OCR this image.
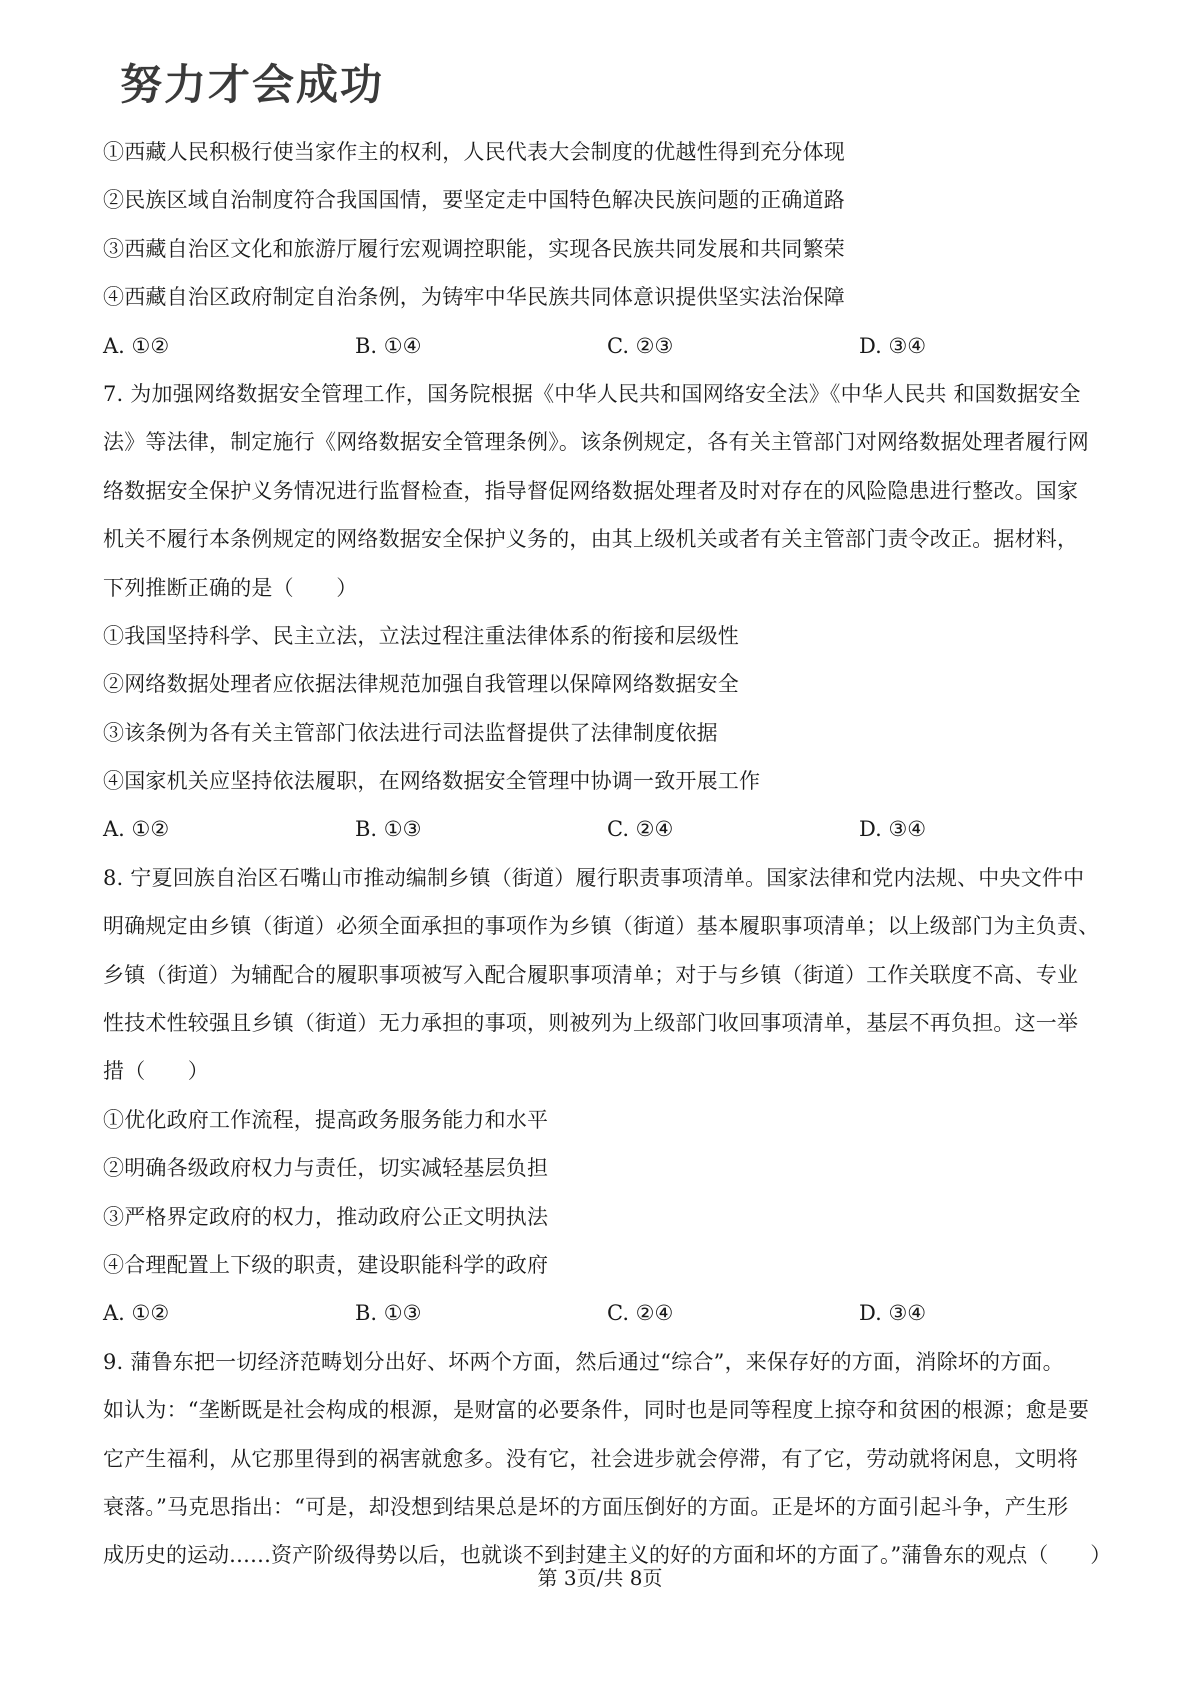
努力才会成功
①西藏人民积极行使当家作主的权利，人民代表大会制度的优越性得到充分体现
②民族区域自治制度符合我国国情，要坚定走中国特色解决民族问题的正确道路
③西藏自治区文化和旅游厅履行宏观调控职能，实现各民族共同发展和共同繁荣
④西藏自治区政府制定自治条例，为铸牢中华民族共同体意识提供坚实法治保障
A. ①②	B. ①④	C. ②③	D. ③④
7. 为加强网络数据安全管理工作，国务院根据《中华人民共和国网络安全法》《中华人民共 和国数据安全
法》等法律，制定施行《网络数据安全管理条例》。该条例规定，各有关主管部门对网络数据处理者履行网
络数据安全保护义务情况进行监督检查，指导督促网络数据处理者及时对存在的风险隐患进行整改。国家
机关不履行本条例规定的网络数据安全保护义务的，由其上级机关或者有关主管部门责令改正。据材料，
下列推断正确的是（　　）
①我国坚持科学、民主立法，立法过程注重法律体系的衔接和层级性
②网络数据处理者应依据法律规范加强自我管理以保障网络数据安全
③该条例为各有关主管部门依法进行司法监督提供了法律制度依据
④国家机关应坚持依法履职，在网络数据安全管理中协调一致开展工作
A. ①②	B. ①③	C. ②④	D. ③④
8. 宁夏回族自治区石嘴山市推动编制乡镇（街道）履行职责事项清单。国家法律和党内法规、中央文件中
明确规定由乡镇（街道）必须全面承担的事项作为乡镇（街道）基本履职事项清单；以上级部门为主负责、
乡镇（街道）为辅配合的履职事项被写入配合履职事项清单；对于与乡镇（街道）工作关联度不高、专业
性技术性较强且乡镇（街道）无力承担的事项，则被列为上级部门收回事项清单，基层不再负担。这一举
措（　　）
①优化政府工作流程，提高政务服务能力和水平
②明确各级政府权力与责任，切实减轻基层负担
③严格界定政府的权力，推动政府公正文明执法
④合理配置上下级的职责，建设职能科学的政府
A. ①②	B. ①③	C. ②④	D. ③④
9. 蒲鲁东把一切经济范畴划分出好、坏两个方面，然后通过“综合”，来保存好的方面，消除坏的方面。
如认为：“垄断既是社会构成的根源，是财富的必要条件，同时也是同等程度上掠夺和贫困的根源；愈是要
它产生福利，从它那里得到的祸害就愈多。没有它，社会进步就会停滞，有了它，劳动就将闲息，文明将
衰落。”马克思指出：“可是，却没想到结果总是坏的方面压倒好的方面。正是坏的方面引起斗争，产生形
成历史的运动……资产阶级得势以后，也就谈不到封建主义的好的方面和坏的方面了。”蒲鲁东的观点（　　）
第 3页/共 8页
